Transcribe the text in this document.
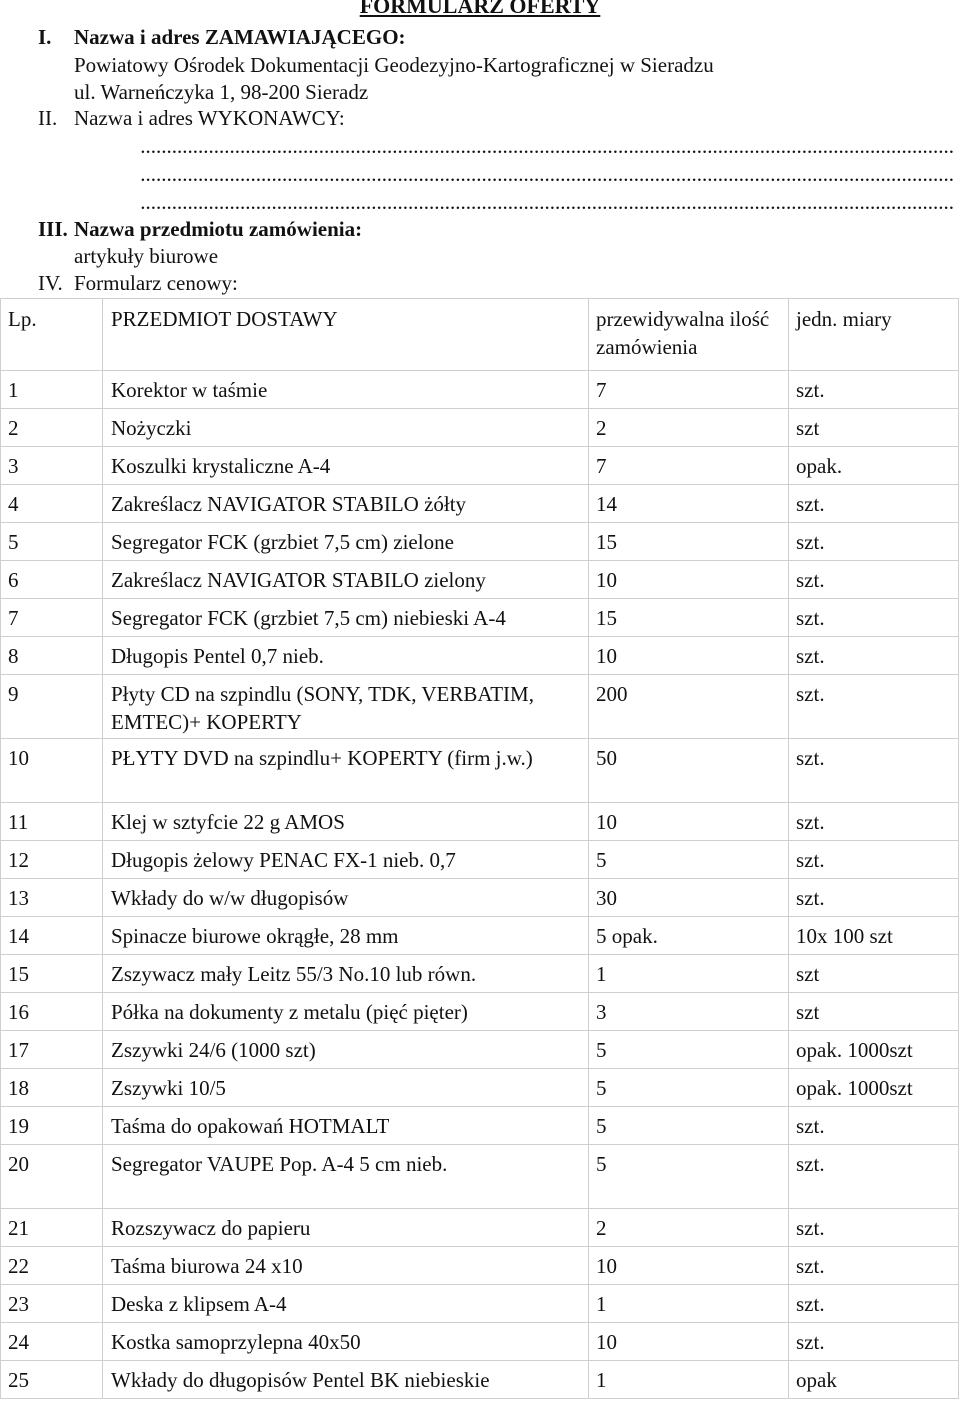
FORMULARZ OFERTY
I. Nazwa i adres ZAMAWIAJĄCEGO:
Powiatowy Ośrodek Dokumentacji Geodezyjno-Kartograficznej w Sieradzu
ul. Warneńczyka 1, 98-200 Sieradz
II. Nazwa i adres WYKONAWCY:
...........................................................................................................................................................
...........................................................................................................................................................
...........................................................................................................................................................
III. Nazwa przedmiotu zamówienia:
artykuły biurowe
IV. Formularz cenowy:
Lp.	PRZEDMIOT DOSTAWY	przewidywalna ilość zamówienia	jedn. miary
1	Korektor w taśmie	7	szt.
2	Nożyczki	2	szt
3	Koszulki krystaliczne A-4	7	opak.
4	Zakreślacz NAVIGATOR STABILO żółty	14	szt.
5	Segregator FCK (grzbiet 7,5 cm) zielone	15	szt.
6	Zakreślacz NAVIGATOR STABILO zielony	10	szt.
7	Segregator FCK (grzbiet 7,5 cm) niebieski A-4	15	szt.
8	Długopis Pentel 0,7 nieb.	10	szt.
9	Płyty CD na szpindlu (SONY, TDK, VERBATIM, EMTEC)+ KOPERTY	200	szt.
10	PŁYTY DVD na szpindlu+ KOPERTY (firm j.w.)	50	szt.
11	Klej w sztyfcie 22 g AMOS	10	szt.
12	Długopis żelowy PENAC FX-1 nieb. 0,7	5	szt.
13	Wkłady do w/w długopisów	30	szt.
14	Spinacze biurowe okrągłe, 28 mm	5 opak.	10x 100 szt
15	Zszywacz mały Leitz 55/3 No.10 lub równ.	1	szt
16	Półka na dokumenty z metalu (pięć pięter)	3	szt
17	Zszywki 24/6 (1000 szt)	5	opak. 1000szt
18	Zszywki 10/5	5	opak. 1000szt
19	Taśma do opakowań HOTMALT	5	szt.
20	Segregator VAUPE Pop. A-4 5 cm nieb.	5	szt.
21	Rozszywacz do papieru	2	szt.
22	Taśma biurowa 24 x10	10	szt.
23	Deska z klipsem A-4	1	szt.
24	Kostka samoprzylepna 40x50	10	szt.
25	Wkłady do długopisów Pentel BK niebieskie	1	opak
